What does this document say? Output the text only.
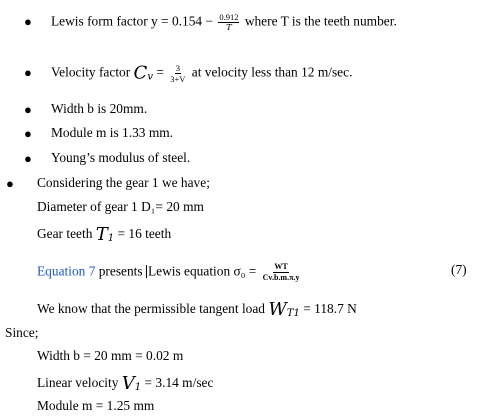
● Lewis form factor $y = 0.154 - \frac{0.912}{T}$ where T is the teeth number.
● Velocity factor $C_v = \frac{3}{3+V}$ at velocity less than 12 m/sec.
● Width b is 20mm.
● Module m is 1.33 mm.
● Young’s modulus of steel.
● Considering the gear 1 we have;
Diameter of gear 1 D₁= 20 mm
Gear teeth $T_1 = 16$ teeth
Equation 7 presents Lewis equation $\sigma_0 = \frac{WT}{Cv.b.m.\pi.y}$	(7)
We know that the permissible tangent load $W_{T1} = 118.7$ N
Since;
Width b = 20 mm = 0.02 m
Linear velocity $V_1 = 3.14$ m/sec
Module m = 1.25 mm
